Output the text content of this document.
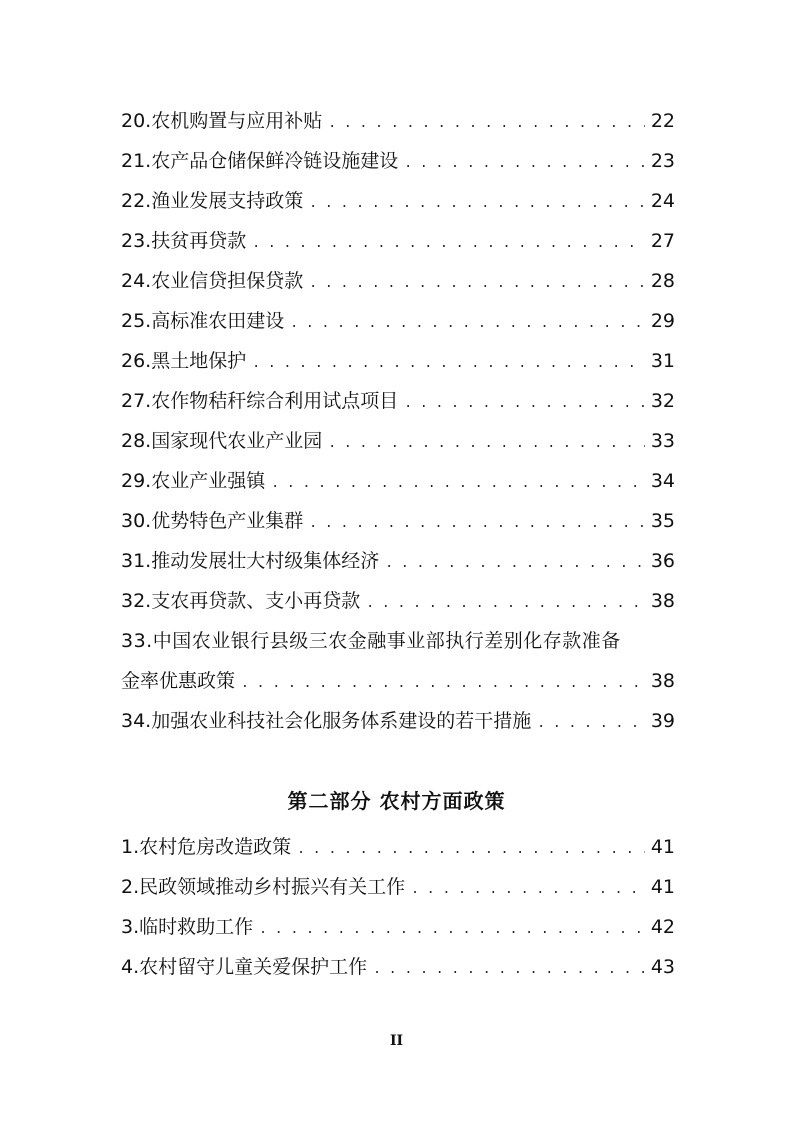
20.农机购置与应用补贴 . . .	22
21.农产品仓储保鲜冷链设施建设 . . .	23
22.渔业发展支持政策 . . .	24
23.扶贫再贷款 . . .	27
24.农业信贷担保贷款 . . .	28
25.高标准农田建设 . . .	29
26.黑土地保护 . . .	31
27.农作物秸秆综合利用试点项目 . . .	32
28.国家现代农业产业园 . . .	33
29.农业产业强镇 . . .	34
30.优势特色产业集群 . . .	35
31.推动发展壮大村级集体经济 . . .	36
32.支农再贷款、支小再贷款 . . .	38
33.中国农业银行县级三农金融事业部执行差别化存款准备
金率优惠政策 . . .	38
34.加强农业科技社会化服务体系建设的若干措施 . . .	39
第二部分 农村方面政策
1.农村危房改造政策 . . .	41
2.民政领域推动乡村振兴有关工作 . . .	41
3.临时救助工作 . . .	42
4.农村留守儿童关爱保护工作 . . .	43
II
